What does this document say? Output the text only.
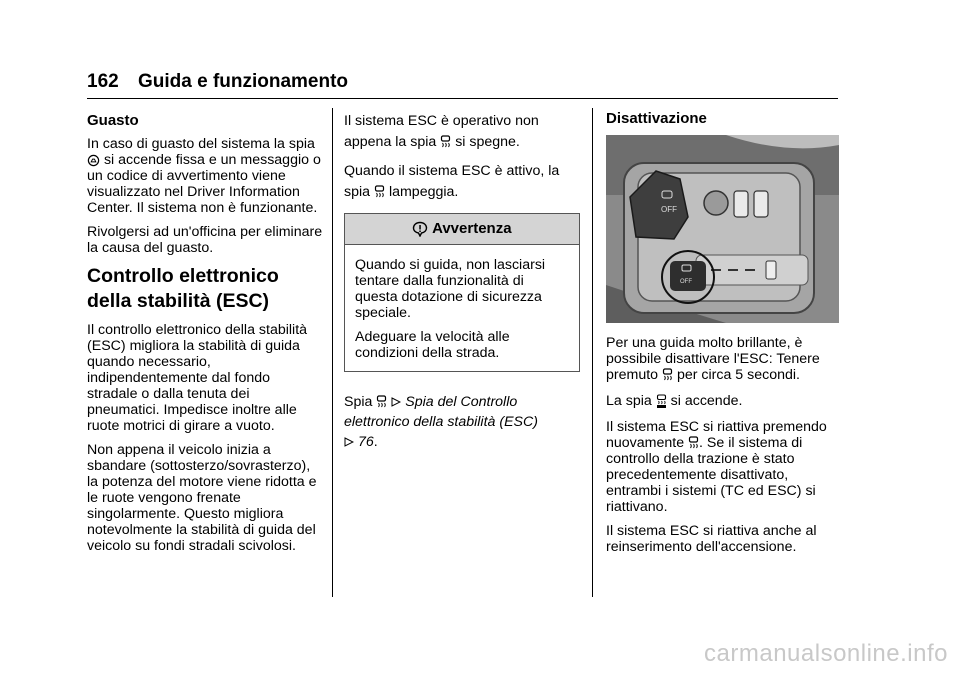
162 Guida e funzionamento
Guasto

In caso di guasto del sistema la spia
si accende fissa e un messaggio o un codice di avvertimento viene visualizzato nel Driver Information Center. Il sistema non è funzionante.

Rivolgersi ad un'officina per eliminare la causa del guasto.

Controllo elettronico della stabilità (ESC)

Il controllo elettronico della stabilità (ESC) migliora la stabilità di guida quando necessario, indipendentemente dal fondo stradale o dalla tenuta dei pneumatici. Impedisce inoltre alle ruote motrici di girare a vuoto.

Non appena il veicolo inizia a sbandare (sottosterzo/sovrasterzo), la potenza del motore viene ridotta e le ruote vengono frenate singolarmente. Questo migliora notevolmente la stabilità di guida del veicolo su fondi stradali scivolosi.

Il sistema ESC è operativo non appena la spia si spegne.

Quando il sistema ESC è attivo, la spia lampeggia.

Avvertenza

Quando si guida, non lasciarsi tentare dalla funzionalità di questa dotazione di sicurezza speciale.

Adeguare la velocità alle condizioni della strada.

Spia Spia del Controllo elettronico della stabilità (ESC)
76.

Disattivazione
OFF
OFF

Per una guida molto brillante, è possibile disattivare l'ESC: Tenere premuto per circa 5 secondi.

La spia si accende.

Il sistema ESC si riattiva premendo nuovamente . Se il sistema di controllo della trazione è stato precedentemente disattivato, entrambi i sistemi (TC ed ESC) si riattivano.

Il sistema ESC si riattiva anche al reinserimento dell'accensione.

carmanualsonline.info
